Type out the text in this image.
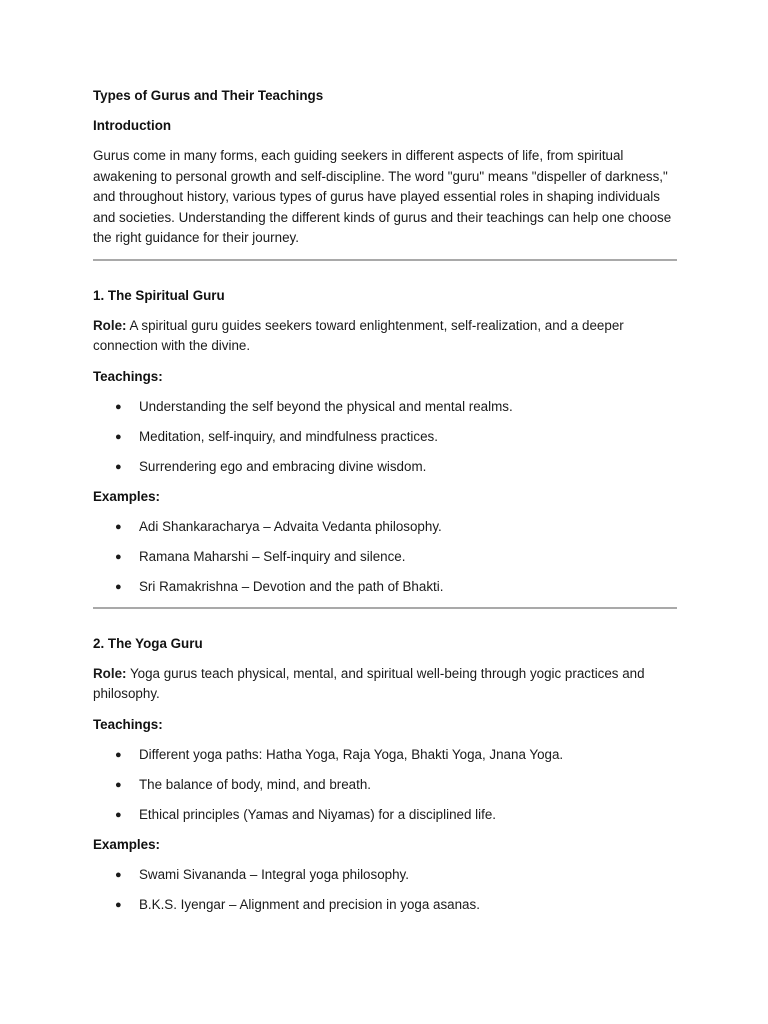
Types of Gurus and Their Teachings
Introduction

Gurus come in many forms, each guiding seekers in different aspects of life, from spiritual awakening to personal growth and self-discipline. The word "guru" means "dispeller of darkness," and throughout history, various types of gurus have played essential roles in shaping individuals and societies. Understanding the different kinds of gurus and their teachings can help one choose the right guidance for their journey.

1. The Spiritual Guru

Role: A spiritual guru guides seekers toward enlightenment, self-realization, and a deeper connection with the divine.

Teachings:
● Understanding the self beyond the physical and mental realms.
● Meditation, self-inquiry, and mindfulness practices.
● Surrendering ego and embracing divine wisdom.
Examples:
● Adi Shankaracharya – Advaita Vedanta philosophy.
● Ramana Maharshi – Self-inquiry and silence.
● Sri Ramakrishna – Devotion and the path of Bhakti.
2. The Yoga Guru

Role: Yoga gurus teach physical, mental, and spiritual well-being through yogic practices and philosophy.

Teachings:
● Different yoga paths: Hatha Yoga, Raja Yoga, Bhakti Yoga, Jnana Yoga.
● The balance of body, mind, and breath.
● Ethical principles (Yamas and Niyamas) for a disciplined life.
Examples:
● Swami Sivananda – Integral yoga philosophy.
● B.K.S. Iyengar – Alignment and precision in yoga asanas.
